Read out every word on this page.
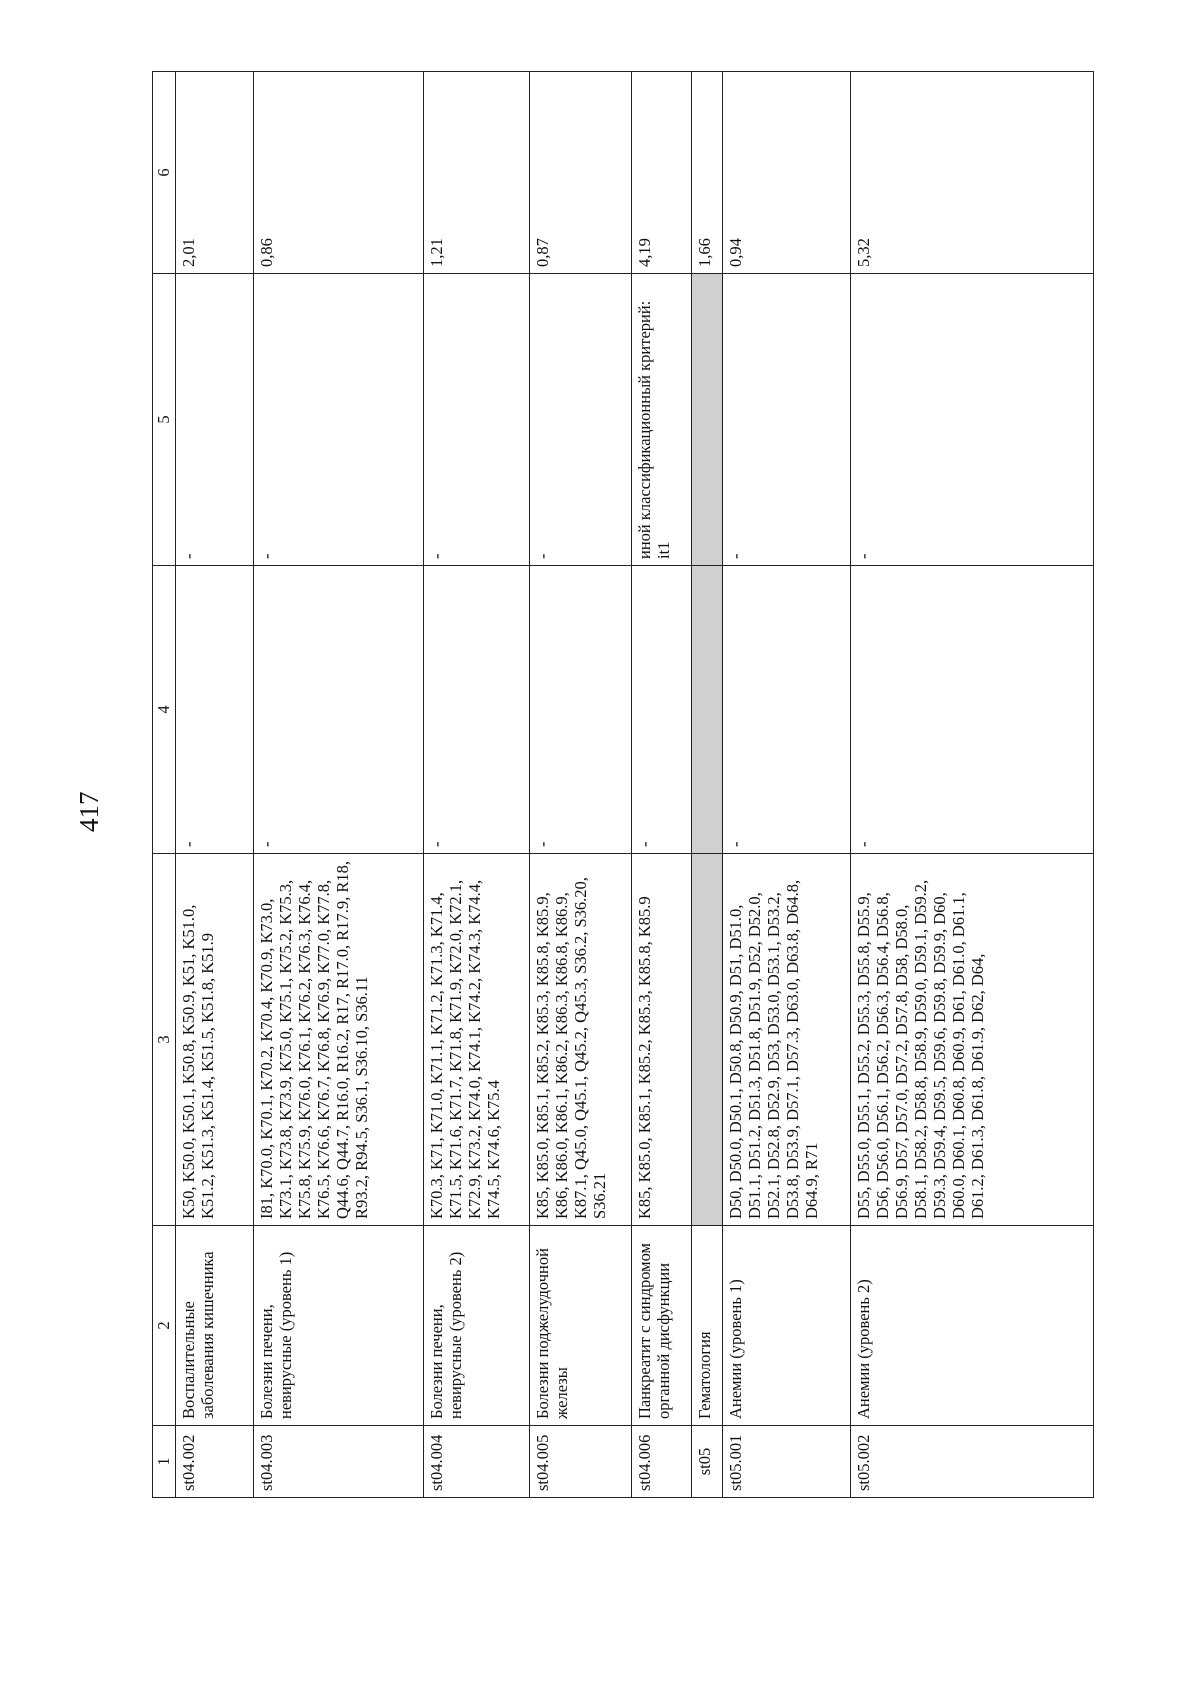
417
1	2	3	4	5	6
st04.002	Воспалительные заболевания кишечника	K50, K50.0, K50.1, K50.8, K50.9, K51, K51.0, K51.2, K51.3, K51.4, K51.5, K51.8, K51.9	-	-	2,01
st04.003	Болезни печени, невирусные (уровень 1)	I81, K70.0, K70.1, K70.2, K70.4, K70.9, K73.0, K73.1, K73.8, K73.9, K75.0, K75.1, K75.2, K75.3, K75.8, K75.9, K76.0, K76.1, K76.2, K76.3, K76.4, K76.5, K76.6, K76.7, K76.8, K76.9, K77.0, K77.8, Q44.6, Q44.7, R16.0, R16.2, R17, R17.0, R17.9, R18, R93.2, R94.5, S36.1, S36.10, S36.11	-	-	0,86
st04.004	Болезни печени, невирусные (уровень 2)	K70.3, K71, K71.0, K71.1, K71.2, K71.3, K71.4, K71.5, K71.6, K71.7, K71.8, K71.9, K72.0, K72.1, K72.9, K73.2, K74.0, K74.1, K74.2, K74.3, K74.4, K74.5, K74.6, K75.4	-	-	1,21
st04.005	Болезни поджелудочной железы	K85, K85.0, K85.1, K85.2, K85.3, K85.8, K85.9, K86, K86.0, K86.1, K86.2, K86.3, K86.8, K86.9, K87.1, Q45.0, Q45.1, Q45.2, Q45.3, S36.2, S36.20, S36.21	-	-	0,87
st04.006	Панкреатит с синдромом органной дисфункции	K85, K85.0, K85.1, K85.2, K85.3, K85.8, K85.9	-	иной классификационный критерий: it1	4,19
st05	Гематология				1,66
st05.001	Анемии (уровень 1)	D50, D50.0, D50.1, D50.8, D50.9, D51, D51.0, D51.1, D51.2, D51.3, D51.8, D51.9, D52, D52.0, D52.1, D52.8, D52.9, D53, D53.0, D53.1, D53.2, D53.8, D53.9, D57.1, D57.3, D63.0, D63.8, D64.8, D64.9, R71	-	-	0,94
st05.002	Анемии (уровень 2)	D55, D55.0, D55.1, D55.2, D55.3, D55.8, D55.9, D56, D56.0, D56.1, D56.2, D56.3, D56.4, D56.8, D56.9, D57, D57.0, D57.2, D57.8, D58, D58.0, D58.1, D58.2, D58.8, D58.9, D59.0, D59.1, D59.2, D59.3, D59.4, D59.5, D59.6, D59.8, D59.9, D60, D60.0, D60.1, D60.8, D60.9, D61, D61.0, D61.1, D61.2, D61.3, D61.8, D61.9, D62, D64,	-	-	5,32
